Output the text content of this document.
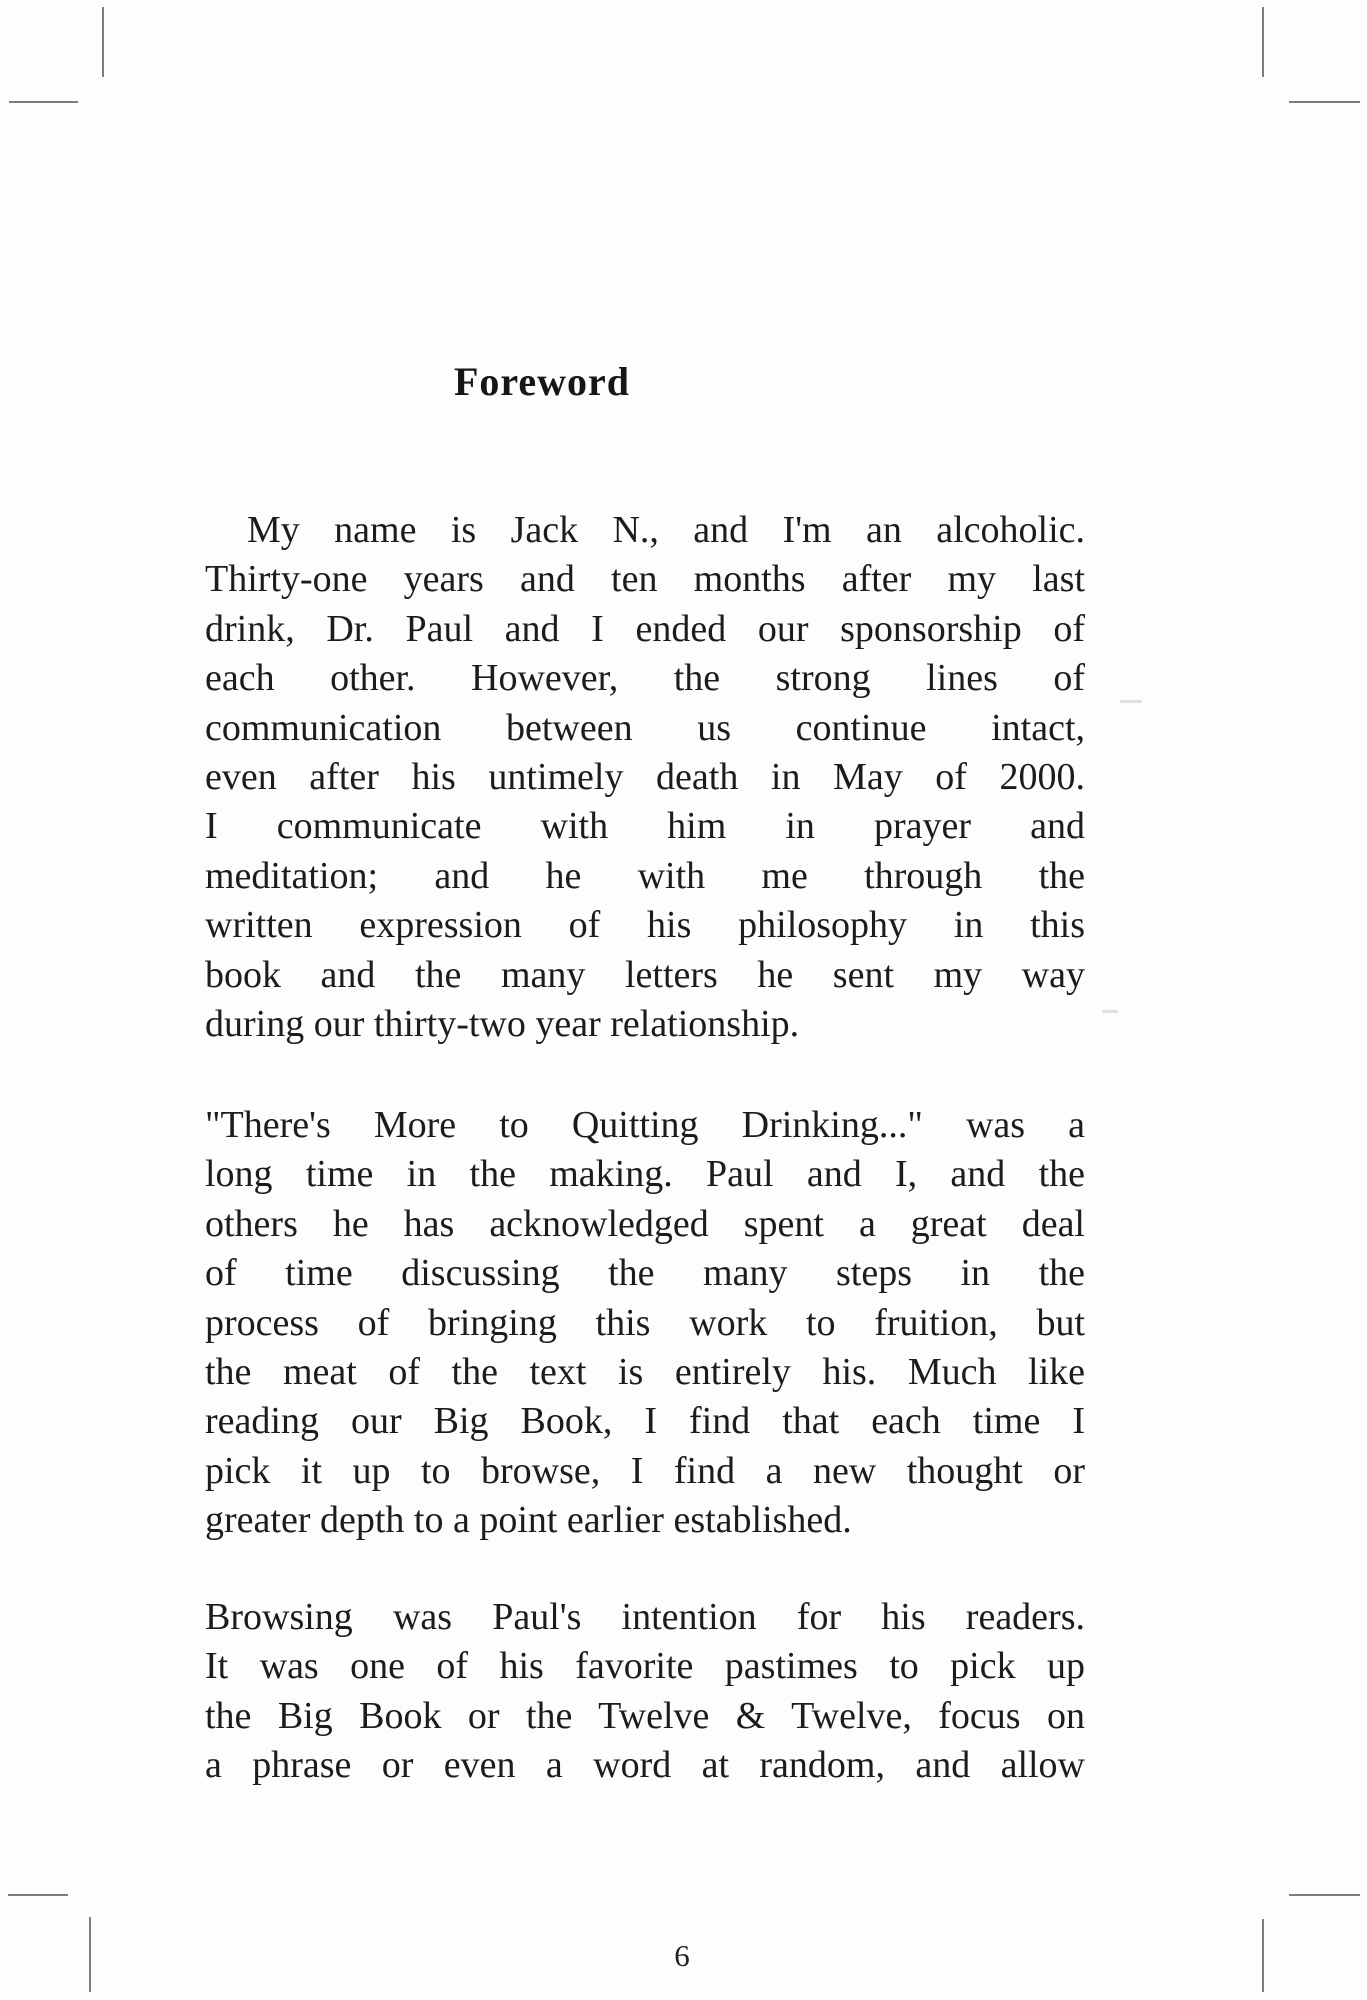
Foreword
My name is Jack N., and I'm an alcoholic.
Thirty-one years and ten months after my last
drink, Dr. Paul and I ended our sponsorship of
each other. However, the strong lines of
communication between us continue intact,
even after his untimely death in May of 2000.
I communicate with him in prayer and
meditation; and he with me through the
written expression of his philosophy in this
book and the many letters he sent my way
during our thirty-two year relationship.
"There's More to Quitting Drinking..." was a
long time in the making. Paul and I, and the
others he has acknowledged spent a great deal
of time discussing the many steps in the
process of bringing this work to fruition, but
the meat of the text is entirely his. Much like
reading our Big Book, I find that each time I
pick it up to browse, I find a new thought or
greater depth to a point earlier established.
Browsing was Paul's intention for his readers.
It was one of his favorite pastimes to pick up
the Big Book or the Twelve & Twelve, focus on
a phrase or even a word at random, and allow
6
